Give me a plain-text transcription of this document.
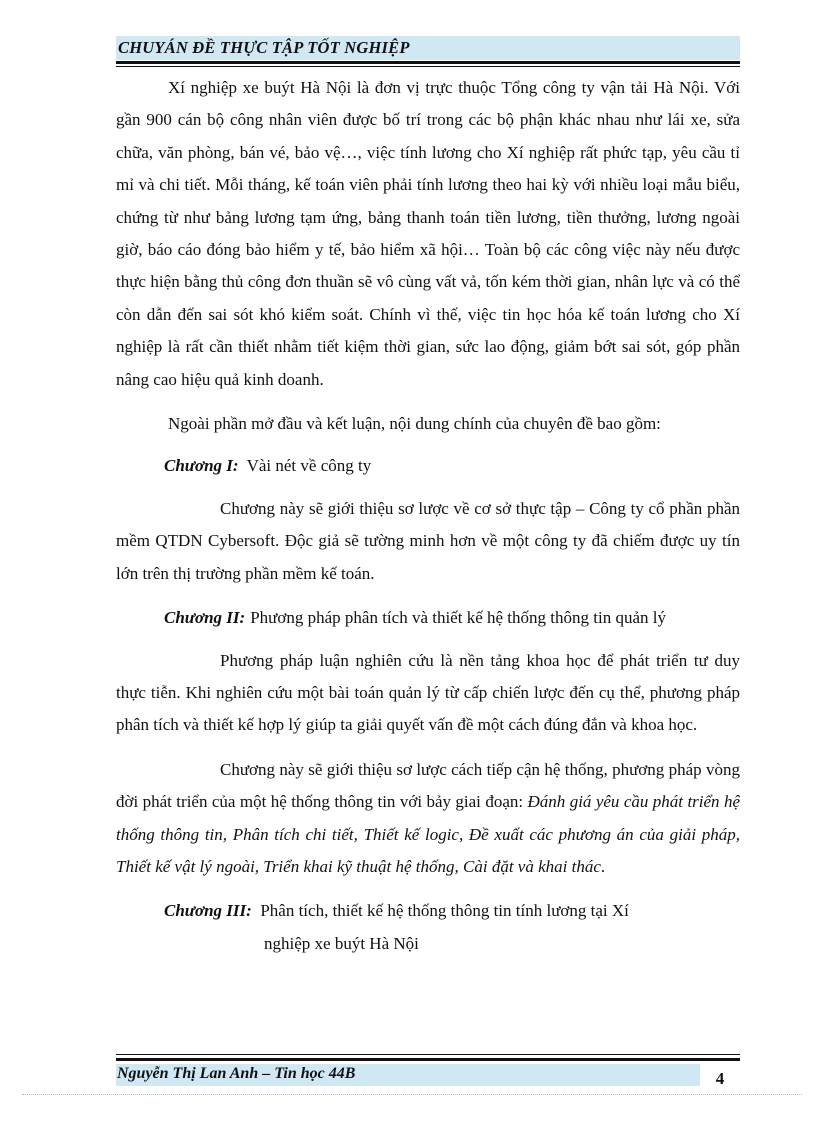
CHUYÁN ĐỀ THỰC TẬP TỐT NGHIỆP

Xí nghiệp xe buýt Hà Nội là đơn vị trực thuộc Tổng công ty vận tải Hà Nội. Với gần 900 cán bộ công nhân viên được bố trí trong các bộ phận khác nhau như lái xe, sửa chữa, văn phòng, bán vé, bảo vệ…, việc tính lương cho Xí nghiệp rất phức tạp, yêu cầu tỉ mỉ và chi tiết. Mỗi tháng, kế toán viên phải tính lương theo hai kỳ với nhiều loại mẫu biểu, chứng từ như bảng lương tạm ứng, bảng thanh toán tiền lương, tiền thưởng, lương ngoài giờ, báo cáo đóng bảo hiểm y tế, bảo hiểm xã hội… Toàn bộ các công việc này nếu được thực hiện bằng thủ công đơn thuần sẽ vô cùng vất vả, tốn kém thời gian, nhân lực và có thể còn dẫn đến sai sót khó kiểm soát. Chính vì thế, việc tin học hóa kế toán lương cho Xí nghiệp là rất cần thiết nhằm tiết kiệm thời gian, sức lao động, giảm bớt sai sót, góp phần nâng cao hiệu quả kinh doanh.

Ngoài phần mở đầu và kết luận, nội dung chính của chuyên đề bao gồm:

Chương I: Vài nét về công ty

Chương này sẽ giới thiệu sơ lược về cơ sở thực tập – Công ty cổ phần phần mềm QTDN Cybersoft. Độc giả sẽ tường minh hơn về một công ty đã chiếm được uy tín lớn trên thị trường phần mềm kế toán.

Chương II: Phương pháp phân tích và thiết kế hệ thống thông tin quản lý

Phương pháp luận nghiên cứu là nền tảng khoa học để phát triển tư duy thực tiễn. Khi nghiên cứu một bài toán quản lý từ cấp chiến lược đến cụ thể, phương pháp phân tích và thiết kế hợp lý giúp ta giải quyết vấn đề một cách đúng đắn và khoa học.

Chương này sẽ giới thiệu sơ lược cách tiếp cận hệ thống, phương pháp vòng đời phát triển của một hệ thống thông tin với bảy giai đoạn: Đánh giá yêu cầu phát triển hệ thống thông tin, Phân tích chi tiết, Thiết kế logic, Đề xuất các phương án của giải pháp, Thiết kế vật lý ngoài, Triển khai kỹ thuật hệ thống, Cài đặt và khai thác.

Chương III: Phân tích, thiết kế hệ thống thông tin tính lương tại Xí
nghiệp xe buýt Hà Nội
Nguyễn Thị Lan Anh – Tin học 44B	4
